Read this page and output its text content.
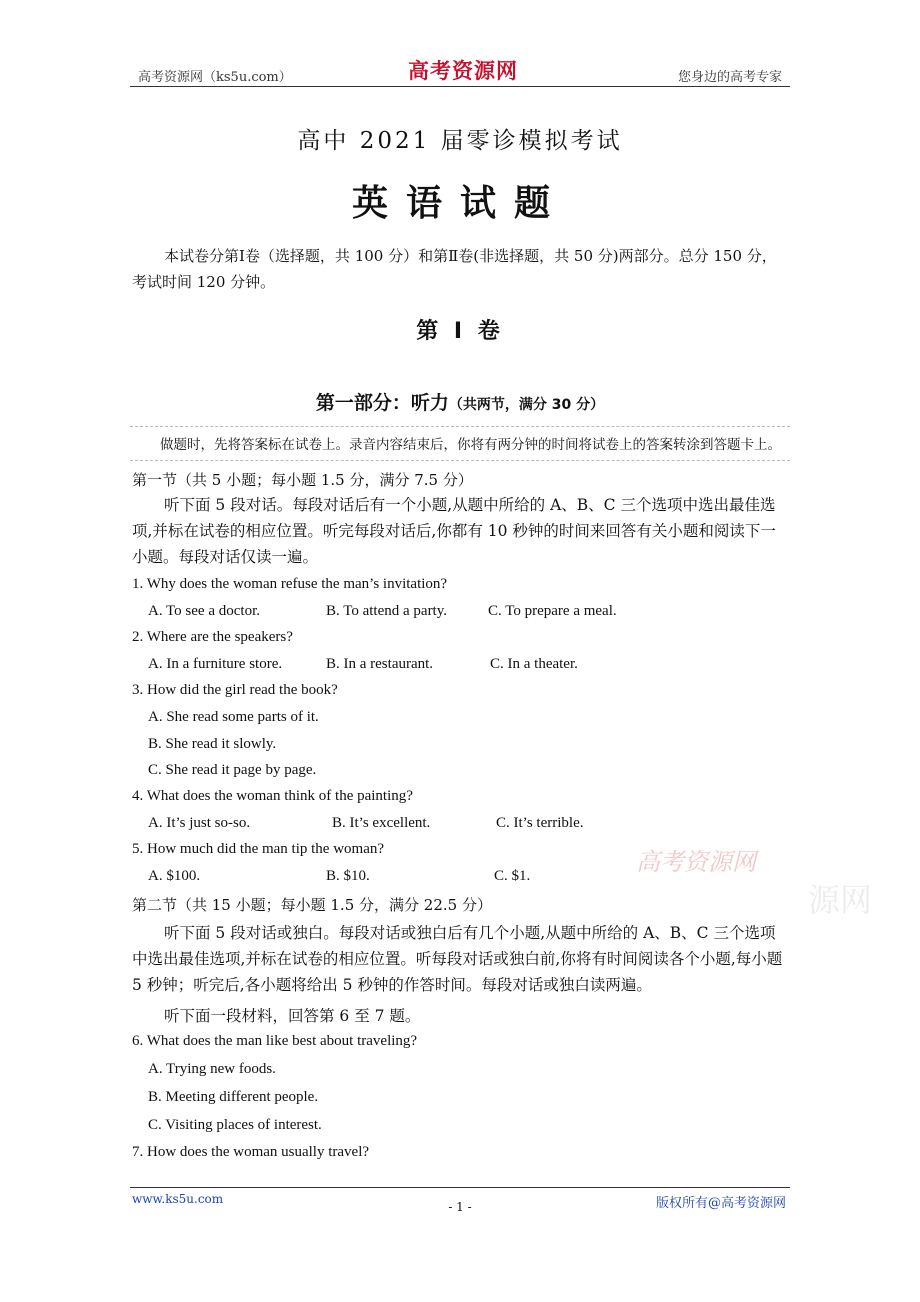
高考资源网（ks5u.com）	高考资源网	您身边的高考专家
高中 2021 届零诊模拟考试
英语试题
本试卷分第Ⅰ卷（选择题，共 100 分）和第Ⅱ卷(非选择题，共 50 分)两部分。总分 150 分，考试时间 120 分钟。
第 Ⅰ 卷
第一部分：听力（共两节，满分 30 分）
做题时，先将答案标在试卷上。录音内容结束后，你将有两分钟的时间将试卷上的答案转涂到答题卡上。
第一节（共 5 小题；每小题 1.5 分，满分 7.5 分）
听下面 5 段对话。每段对话后有一个小题,从题中所给的 A、B、C 三个选项中选出最佳选项,并标在试卷的相应位置。听完每段对话后,你都有 10 秒钟的时间来回答有关小题和阅读下一小题。每段对话仅读一遍。
1. Why does the woman refuse the man’s invitation?
A. To see a doctor.	B. To attend a party.	C. To prepare a meal.
2. Where are the speakers?
A. In a furniture store.	B. In a restaurant.	C. In a theater.
3. How did the girl read the book?
A. She read some parts of it.
B. She read it slowly.
C. She read it page by page.
4. What does the woman think of the painting?
A. It’s just so-so.	B. It’s excellent.	C. It’s terrible.
5. How much did the man tip the woman?
A. $100.	B. $10.	C. $1.	高考资源网
源网
第二节（共 15 小题；每小题 1.5 分，满分 22.5 分）
听下面 5 段对话或独白。每段对话或独白后有几个小题,从题中所给的 A、B、C 三个选项中选出最佳选项,并标在试卷的相应位置。听每段对话或独白前,你将有时间阅读各个小题,每小题 5 秒钟；听完后,各小题将给出 5 秒钟的作答时间。每段对话或独白读两遍。
听下面一段材料，回答第 6 至 7 题。
6. What does the man like best about traveling?
A. Trying new foods.
B. Meeting different people.
C. Visiting places of interest.
7. How does the woman usually travel?
www.ks5u.com
- 1 -	版权所有@高考资源网
